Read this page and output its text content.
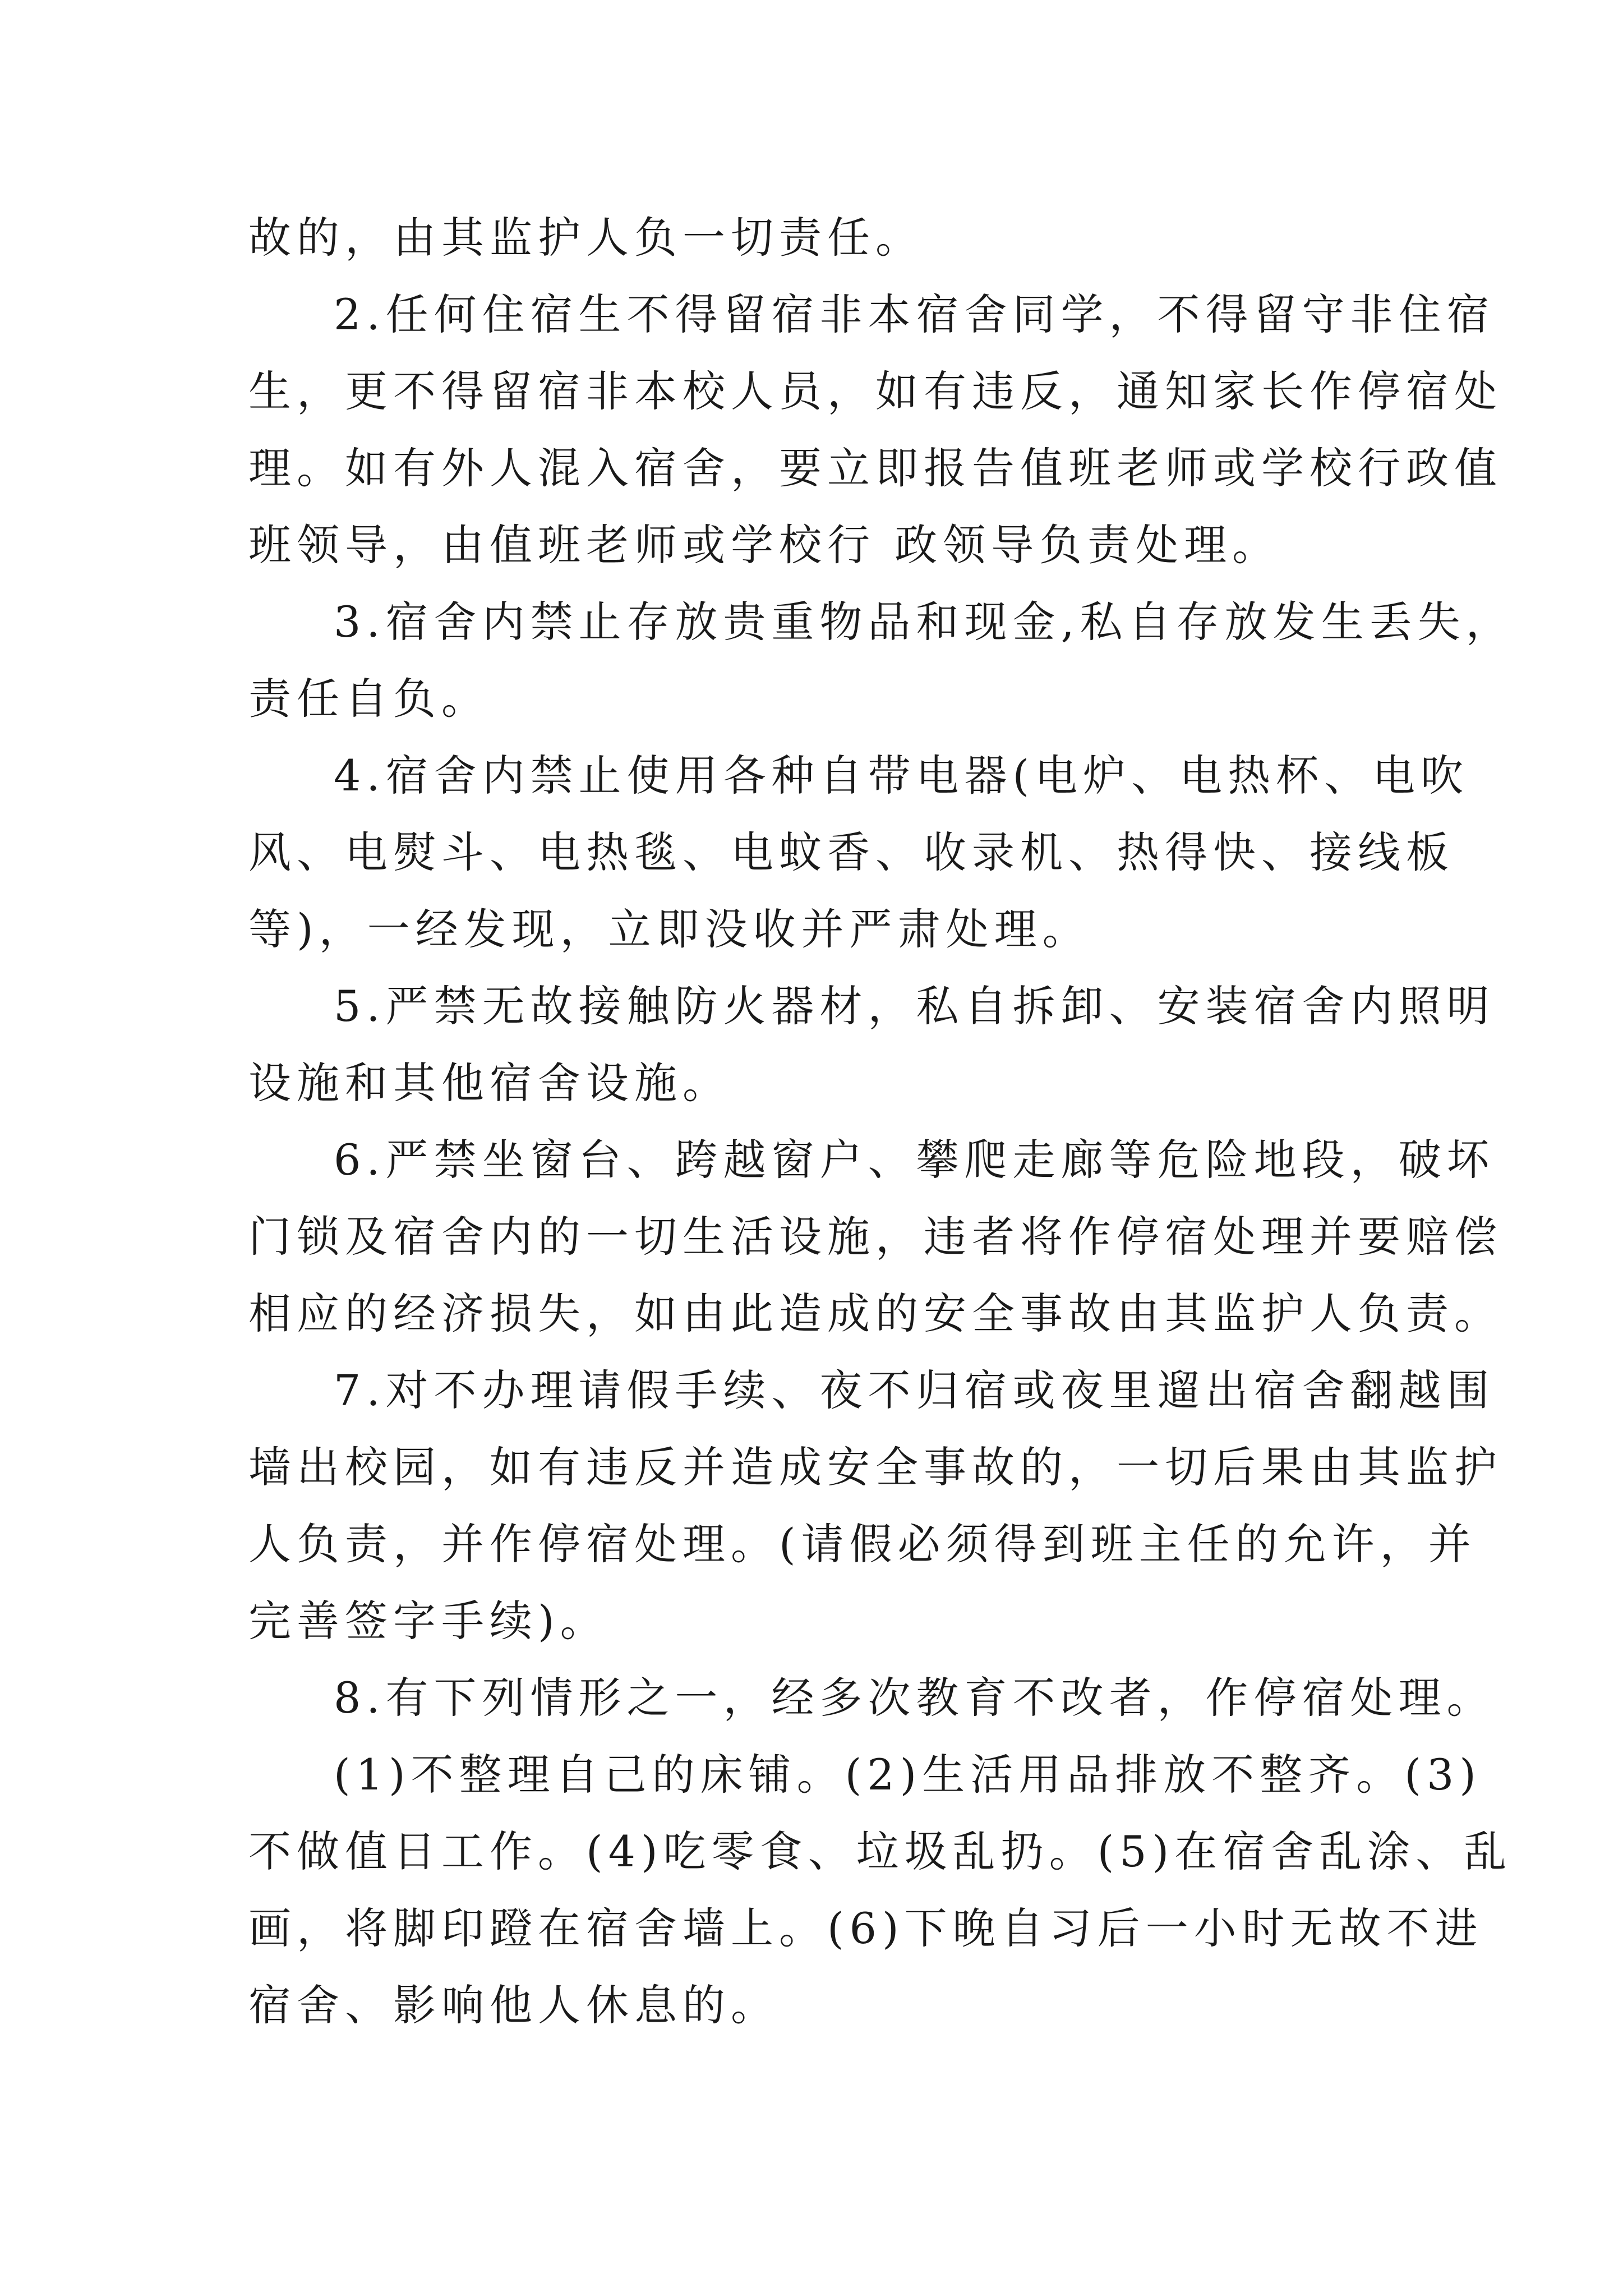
故的，由其监护人负一切责任。
2.任何住宿生不得留宿非本宿舍同学，不得留守非住宿
生，更不得留宿非本校人员，如有违反，通知家长作停宿处
理。如有外人混入宿舍，要立即报告值班老师或学校行政值
班领导，由值班老师或学校行 政领导负责处理。
3.宿舍内禁止存放贵重物品和现金,私自存放发生丢失，
责任自负。
4.宿舍内禁止使用各种自带电器(电炉、电热杯、电吹
风、电熨斗、电热毯、电蚊香、收录机、热得快、接线板
等)，一经发现，立即没收并严肃处理。
5.严禁无故接触防火器材，私自拆卸、安装宿舍内照明
设施和其他宿舍设施。
6.严禁坐窗台、跨越窗户、攀爬走廊等危险地段，破坏
门锁及宿舍内的一切生活设施，违者将作停宿处理并要赔偿
相应的经济损失，如由此造成的安全事故由其监护人负责。
7.对不办理请假手续、夜不归宿或夜里遛出宿舍翻越围
墙出校园，如有违反并造成安全事故的，一切后果由其监护
人负责，并作停宿处理。(请假必须得到班主任的允许，并
完善签字手续)。
8.有下列情形之一，经多次教育不改者，作停宿处理。
(1)不整理自己的床铺。(2)生活用品排放不整齐。(3)
不做值日工作。(4)吃零食、垃圾乱扔。(5)在宿舍乱涂、乱
画，将脚印蹬在宿舍墙上。(6)下晚自习后一小时无故不进
宿舍、影响他人休息的。
